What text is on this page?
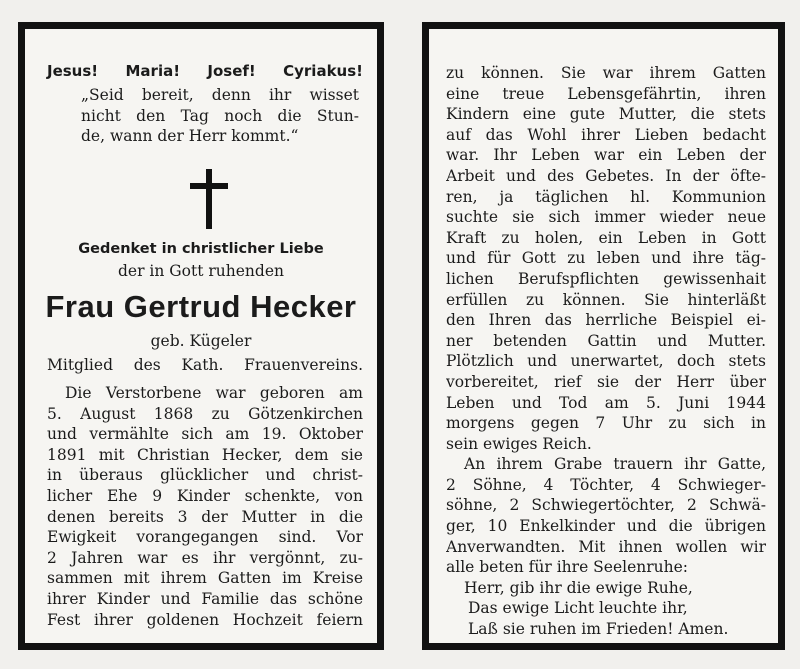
Jesus! Maria! Josef! Cyriakus!
„Seid bereit, denn ihr wisset
nicht den Tag noch die Stun-
de, wann der Herr kommt.“
Gedenket in christlicher Liebe
der in Gott ruhenden
Frau Gertrud Hecker
geb. Kügeler
Mitglied des Kath. Frauenvereins.
Die Verstorbene war geboren am
5. August 1868 zu Götzenkirchen
und vermählte sich am 19. Oktober
1891 mit Christian Hecker, dem sie
in überaus glücklicher und christ-
licher Ehe 9 Kinder schenkte, von
denen bereits 3 der Mutter in die
Ewigkeit vorangegangen sind. Vor
2 Jahren war es ihr vergönnt, zu-
sammen mit ihrem Gatten im Kreise
ihrer Kinder und Familie das schöne
Fest ihrer goldenen Hochzeit feiern
zu können. Sie war ihrem Gatten
eine treue Lebensgefährtin, ihren
Kindern eine gute Mutter, die stets
auf das Wohl ihrer Lieben bedacht
war. Ihr Leben war ein Leben der
Arbeit und des Gebetes. In der öfte-
ren, ja täglichen hl. Kommunion
suchte sie sich immer wieder neue
Kraft zu holen, ein Leben in Gott
und für Gott zu leben und ihre täg-
lichen Berufspflichten gewissenhait
erfüllen zu können. Sie hinterläßt
den Ihren das herrliche Beispiel ei-
ner betenden Gattin und Mutter.
Plötzlich und unerwartet, doch stets
vorbereitet, rief sie der Herr über
Leben und Tod am 5. Juni 1944
morgens gegen 7 Uhr zu sich in
sein ewiges Reich.
An ihrem Grabe trauern ihr Gatte,
2 Söhne, 4 Töchter, 4 Schwieger-
söhne, 2 Schwiegertöchter, 2 Schwä-
ger, 10 Enkelkinder und die übrigen
Anverwandten. Mit ihnen wollen wir
alle beten für ihre Seelenruhe:
Herr, gib ihr die ewige Ruhe,
Das ewige Licht leuchte ihr,
Laß sie ruhen im Frieden! Amen.
